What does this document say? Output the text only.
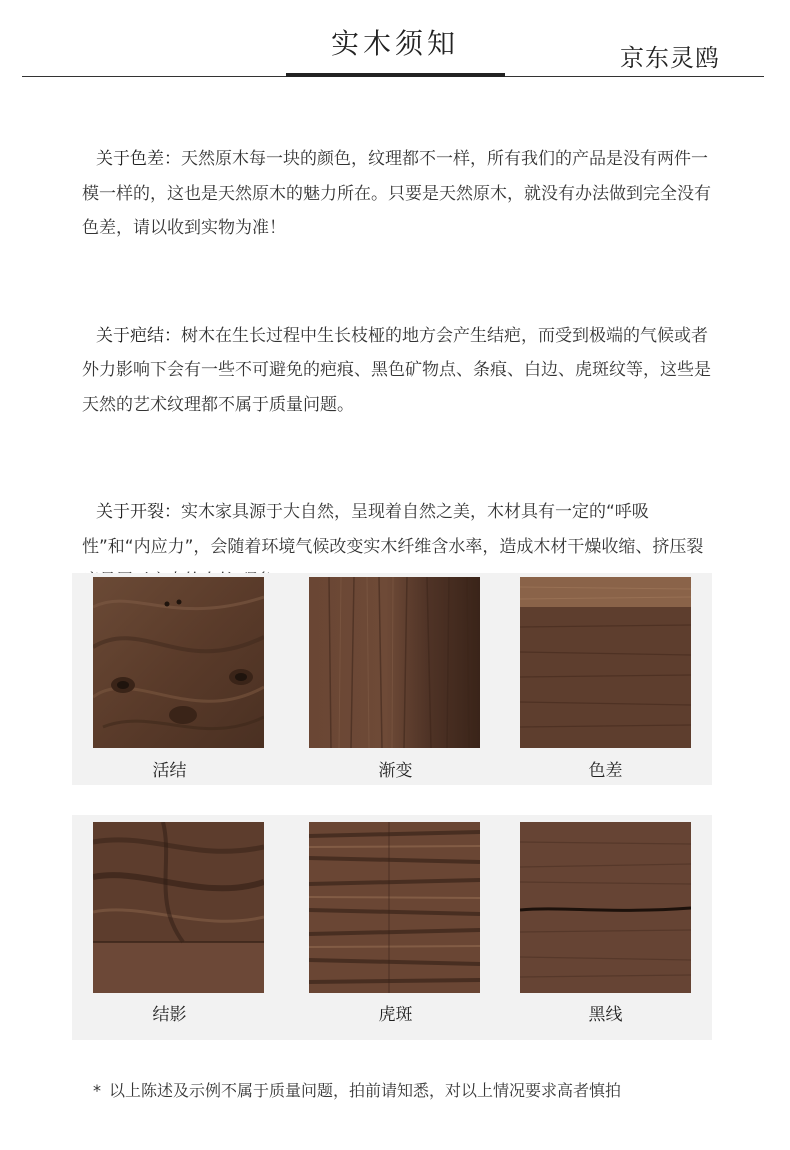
实木须知	京东灵鸥

关于色差：天然原木每一块的颜色，纹理都不一样，所有我们的产品是没有两件一模一样的，这也是天然原木的魅力所在。只要是天然原木，就没有办法做到完全没有色差，请以收到实物为准！

关于疤结：树木在生长过程中生长枝桠的地方会产生结疤，而受到极端的气候或者外力影响下会有一些不可避免的疤痕、黑色矿物点、条痕、白边、虎斑纹等，这些是天然的艺术纹理都不属于质量问题。

关于开裂：实木家具源于大自然，呈现着自然之美，木材具有一定的“呼吸性”和“内应力”，会随着环境气候改变实木纤维含水率，造成木材干燥收缩、挤压裂

活结	渐变	色差
结影	虎斑	黑线
* 以上陈述及示例不属于质量问题，拍前请知悉，对以上情况要求高者慎拍
